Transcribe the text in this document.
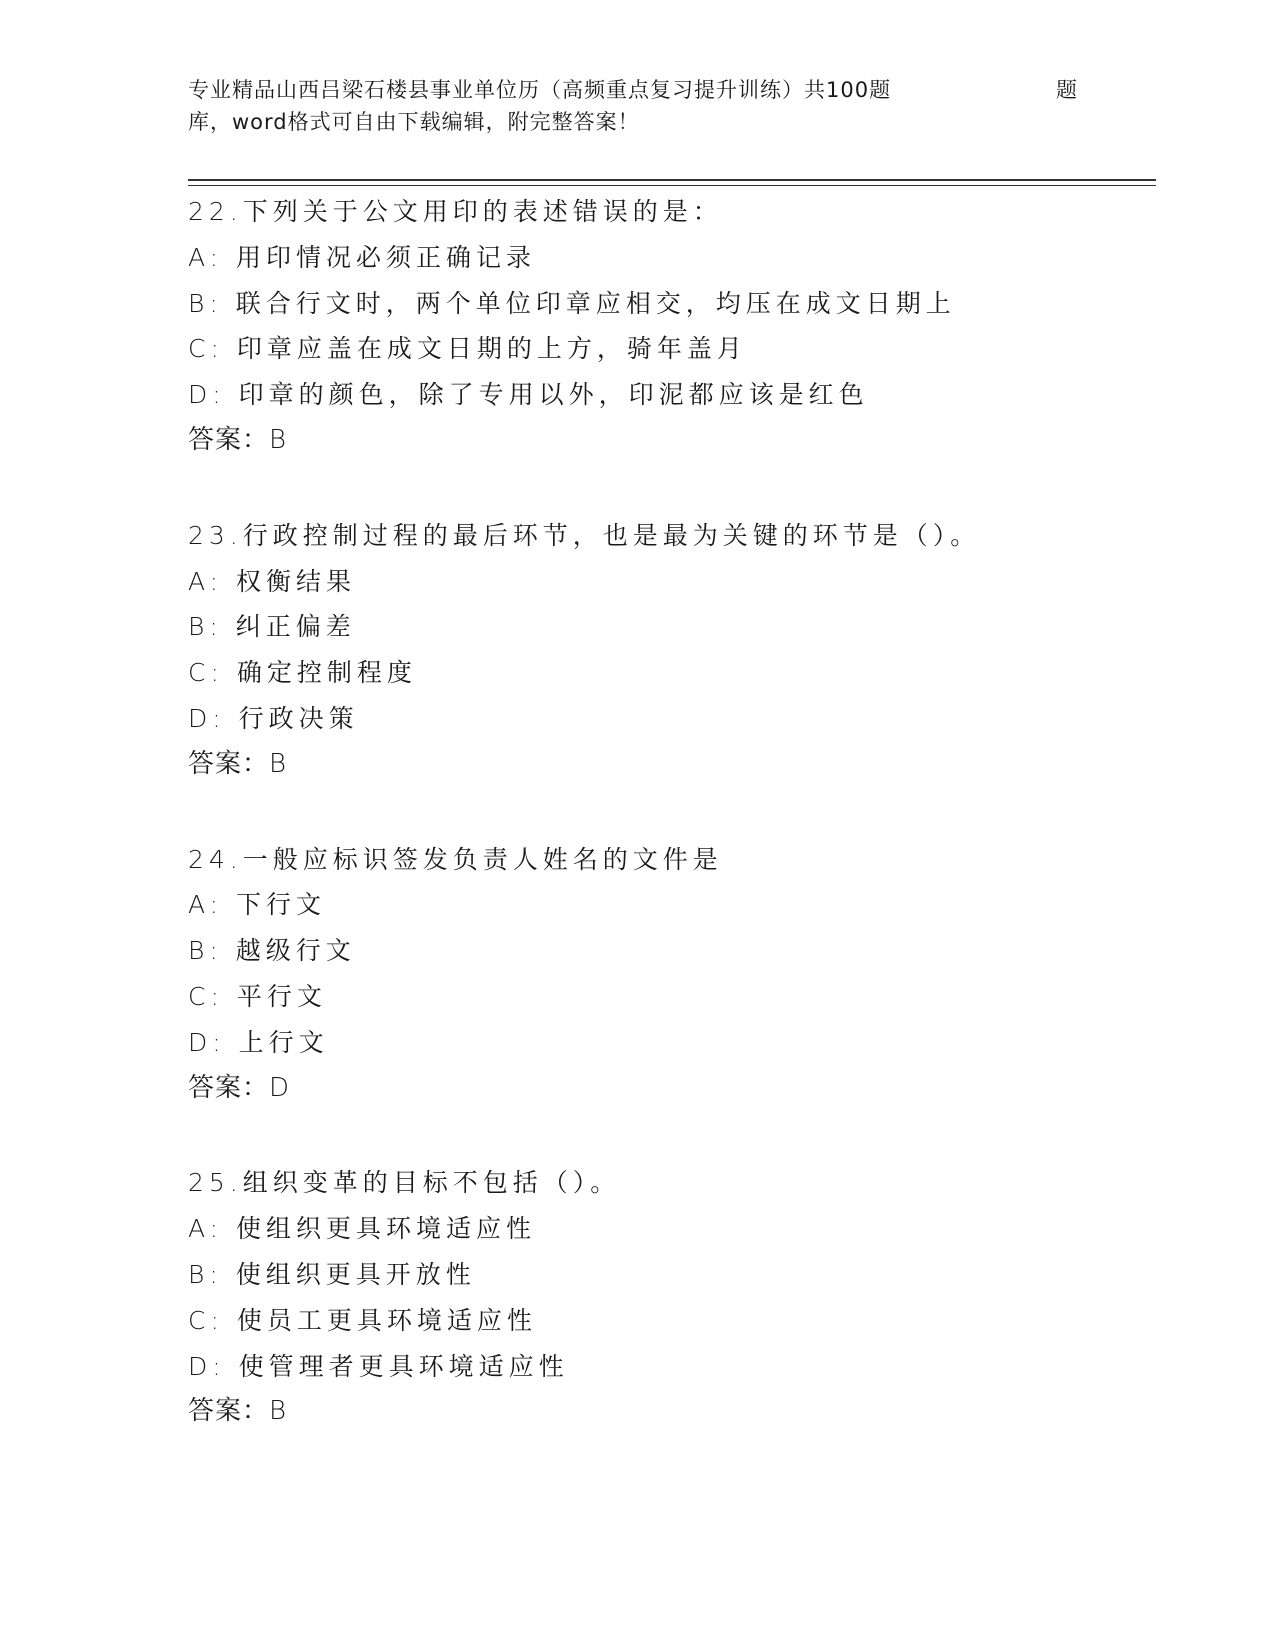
专业精品山西吕梁石楼县事业单位历（高频重点复习提升训练）共100题	题
库，word格式可自由下载编辑，附完整答案！
22.下列关于公文用印的表述错误的是：
A: 用印情况必须正确记录
B: 联合行文时，两个单位印章应相交，均压在成文日期上
C: 印章应盖在成文日期的上方，骑年盖月
D: 印章的颜色，除了专用以外，印泥都应该是红色
答案：B
23.行政控制过程的最后环节，也是最为关键的环节是（）。
A: 权衡结果
B: 纠正偏差
C: 确定控制程度
D: 行政决策
答案：B
24.一般应标识签发负责人姓名的文件是
A: 下行文
B: 越级行文
C: 平行文
D: 上行文
答案：D
25.组织变革的目标不包括（）。
A: 使组织更具环境适应性
B: 使组织更具开放性
C: 使员工更具环境适应性
D: 使管理者更具环境适应性
答案：B
